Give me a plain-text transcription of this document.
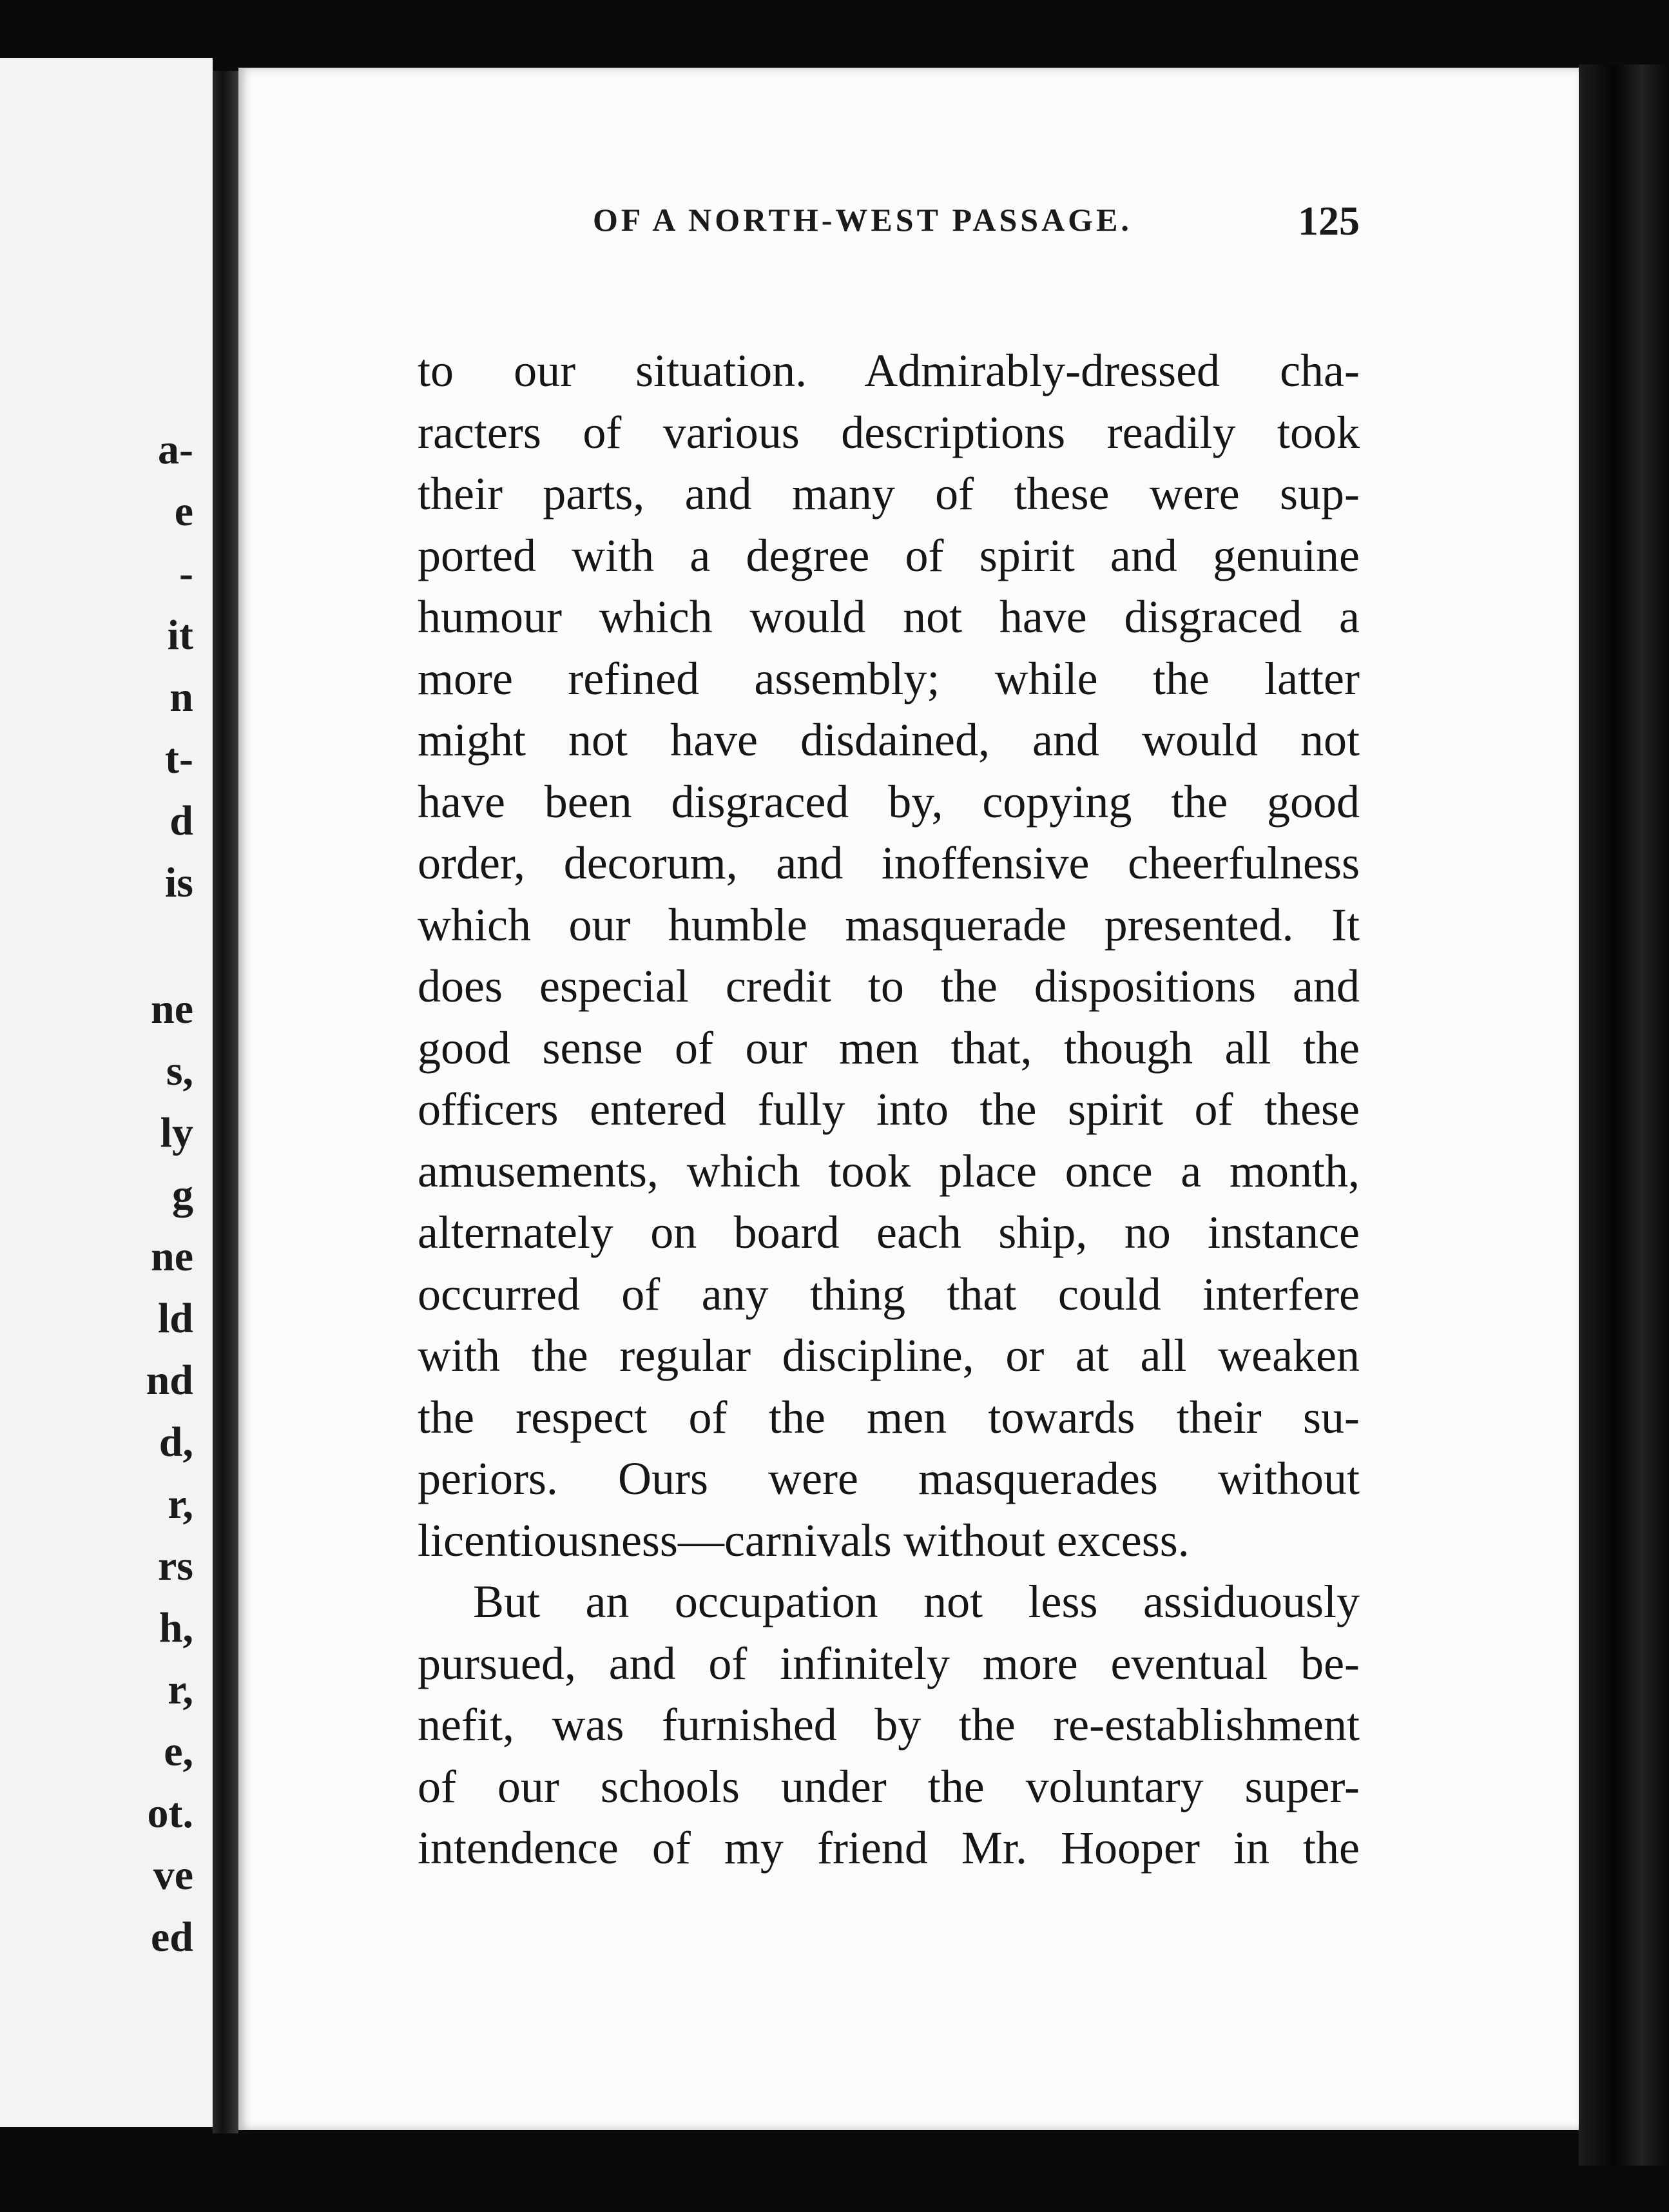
a-
e
-
it
n
t-
d
is
ne
s,
ly
g
ne
ld
nd
d,
r,
rs
h,
r,
e,
ot.
ve
ed
OF A NORTH-WEST PASSAGE.	125
to our situation. Admirably-dressed cha-
racters of various descriptions readily took
their parts, and many of these were sup-
ported with a degree of spirit and genuine
humour which would not have disgraced a
more refined assembly; while the latter
might not have disdained, and would not
have been disgraced by, copying the good
order, decorum, and inoffensive cheerfulness
which our humble masquerade presented. It
does especial credit to the dispositions and
good sense of our men that, though all the
officers entered fully into the spirit of these
amusements, which took place once a month,
alternately on board each ship, no instance
occurred of any thing that could interfere
with the regular discipline, or at all weaken
the respect of the men towards their su-
periors. Ours were masquerades without
licentiousness—carnivals without excess.
But an occupation not less assiduously
pursued, and of infinitely more eventual be-
nefit, was furnished by the re-establishment
of our schools under the voluntary super-
intendence of my friend Mr. Hooper in the
